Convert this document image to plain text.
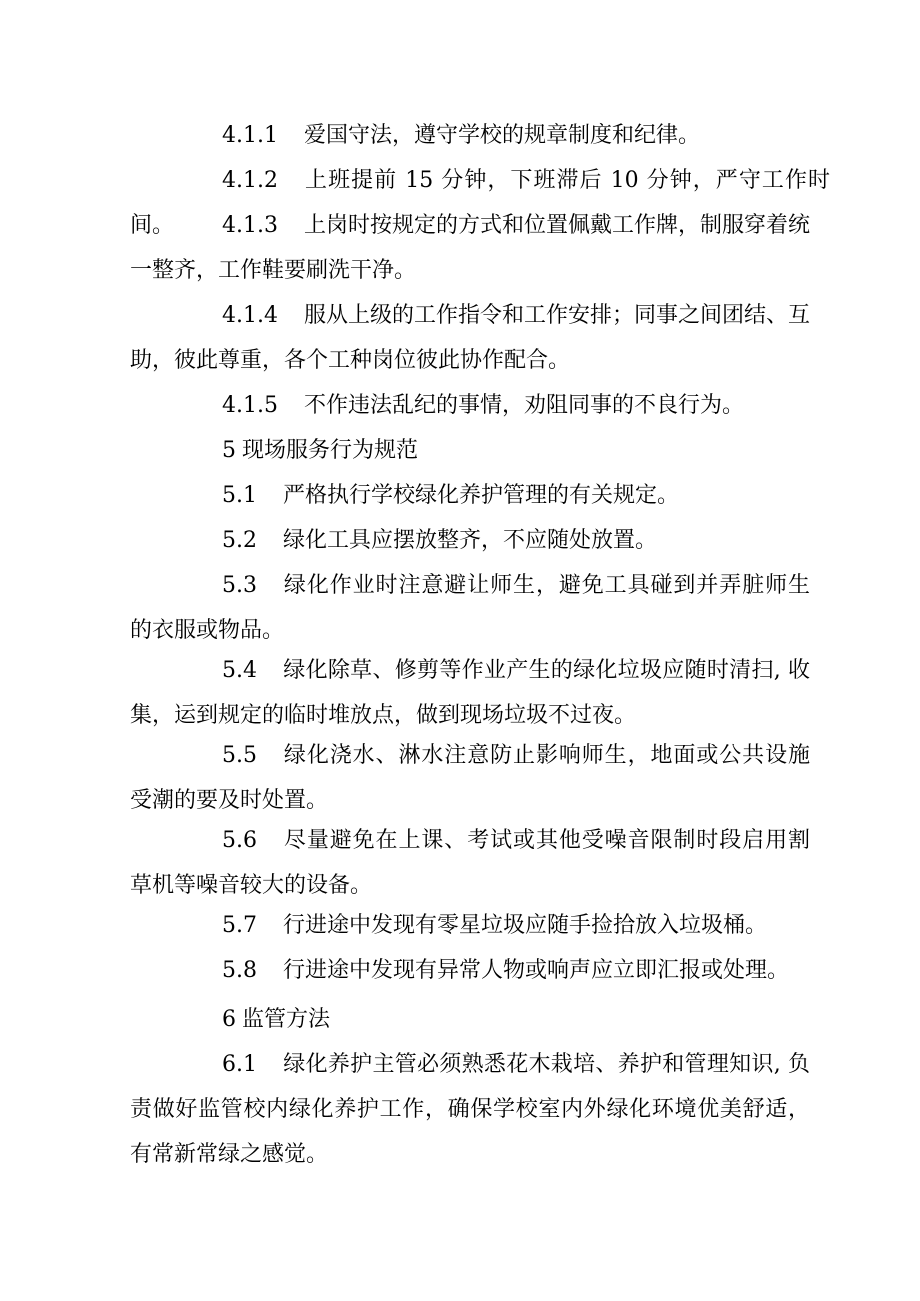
4.1.1 爱国守法，遵守学校的规章制度和纪律。

4.1.2 上班提前 15 分钟，下班滞后 10 分钟，严守工作时间。	4.1.3 上岗时按规定的方式和位置佩戴工作牌，制服穿着统一整齐，工作鞋要刷洗干净。

4.1.4 服从上级的工作指令和工作安排；同事之间团结、互助，彼此尊重，各个工种岗位彼此协作配合。

4.1.5 不作违法乱纪的事情，劝阻同事的不良行为。

5 现场服务行为规范

5.1 严格执行学校绿化养护管理的有关规定。

5.2 绿化工具应摆放整齐，不应随处放置。

5.3 绿化作业时注意避让师生，避免工具碰到并弄脏师生的衣服或物品。

5.4 绿化除草、修剪等作业产生的绿化垃圾应随时清扫, 收集，运到规定的临时堆放点，做到现场垃圾不过夜。

5.5 绿化浇水、淋水注意防止影响师生，地面或公共设施受潮的要及时处置。

5.6 尽量避免在上课、考试或其他受噪音限制时段启用割草机等噪音较大的设备。

5.7 行进途中发现有零星垃圾应随手捡拾放入垃圾桶。

5.8 行进途中发现有异常人物或响声应立即汇报或处理。

6 监管方法

6.1 绿化养护主管必须熟悉花木栽培、养护和管理知识, 负责做好监管校内绿化养护工作，确保学校室内外绿化环境优美舒适，有常新常绿之感觉。
